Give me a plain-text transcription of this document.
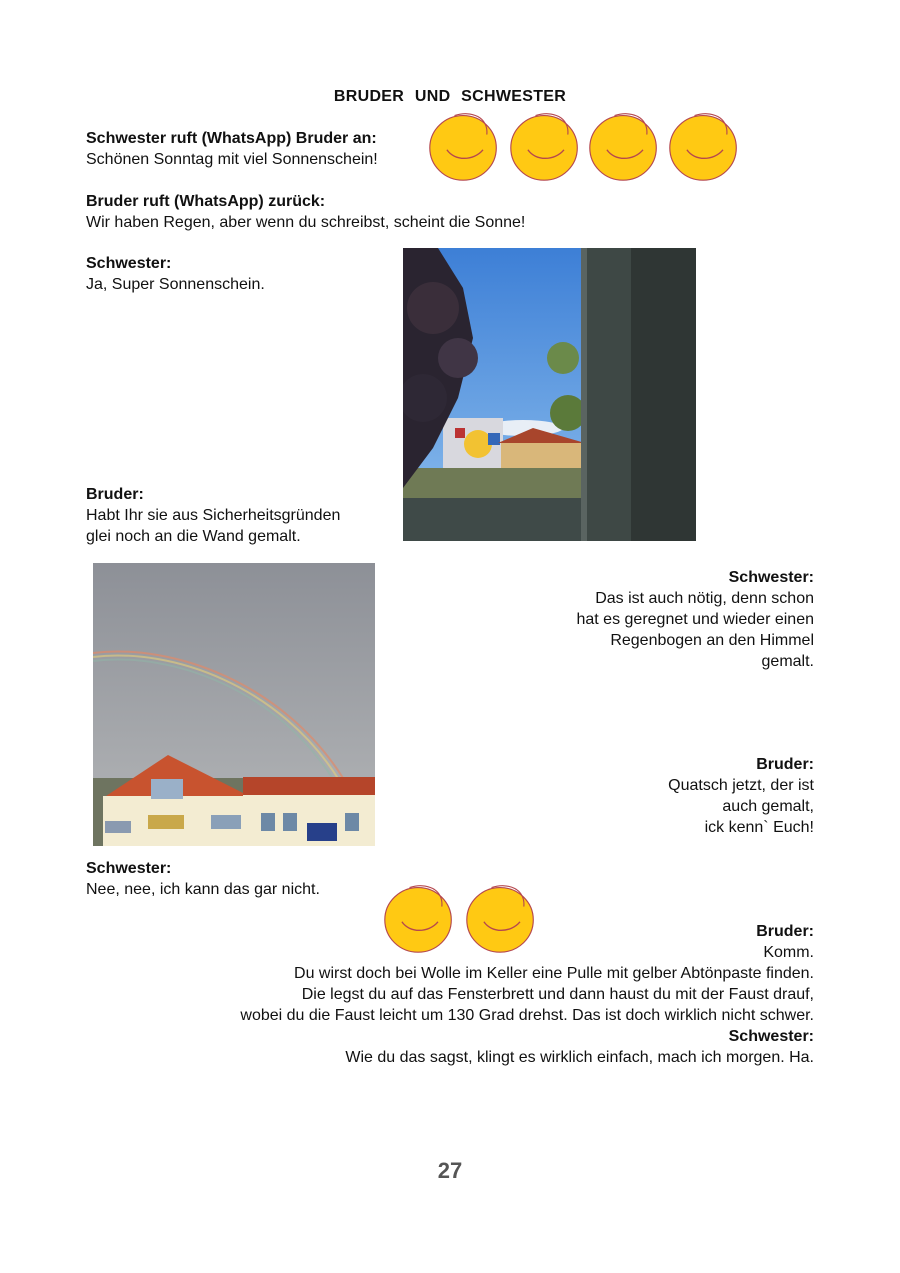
BRUDER UND SCHWESTER
Schwester ruft (WhatsApp) Bruder an:
Schönen Sonntag mit viel Sonnenschein!
Bruder ruft (WhatsApp) zurück:
Wir haben Regen, aber wenn du schreibst, scheint die Sonne!
Schwester:
Ja, Super Sonnenschein.
Bruder:
Habt Ihr sie aus Sicherheitsgründen
glei noch an die Wand gemalt.
Schwester:
Das ist auch nötig, denn schon
hat es geregnet und wieder einen
Regenbogen an den Himmel
gemalt.
Bruder:
Quatsch jetzt, der ist
auch gemalt,
ick kenn` Euch!
Schwester:
Nee, nee, ich kann das gar nicht.
Bruder:
Komm.
Du wirst doch bei Wolle im Keller eine Pulle mit gelber Abtönpaste finden.
Die legst du auf das Fensterbrett und dann haust du mit der Faust drauf,
wobei du die Faust leicht um 130 Grad drehst. Das ist doch wirklich nicht schwer.
Schwester:
Wie du das sagst, klingt es wirklich einfach, mach ich morgen. Ha.
27
